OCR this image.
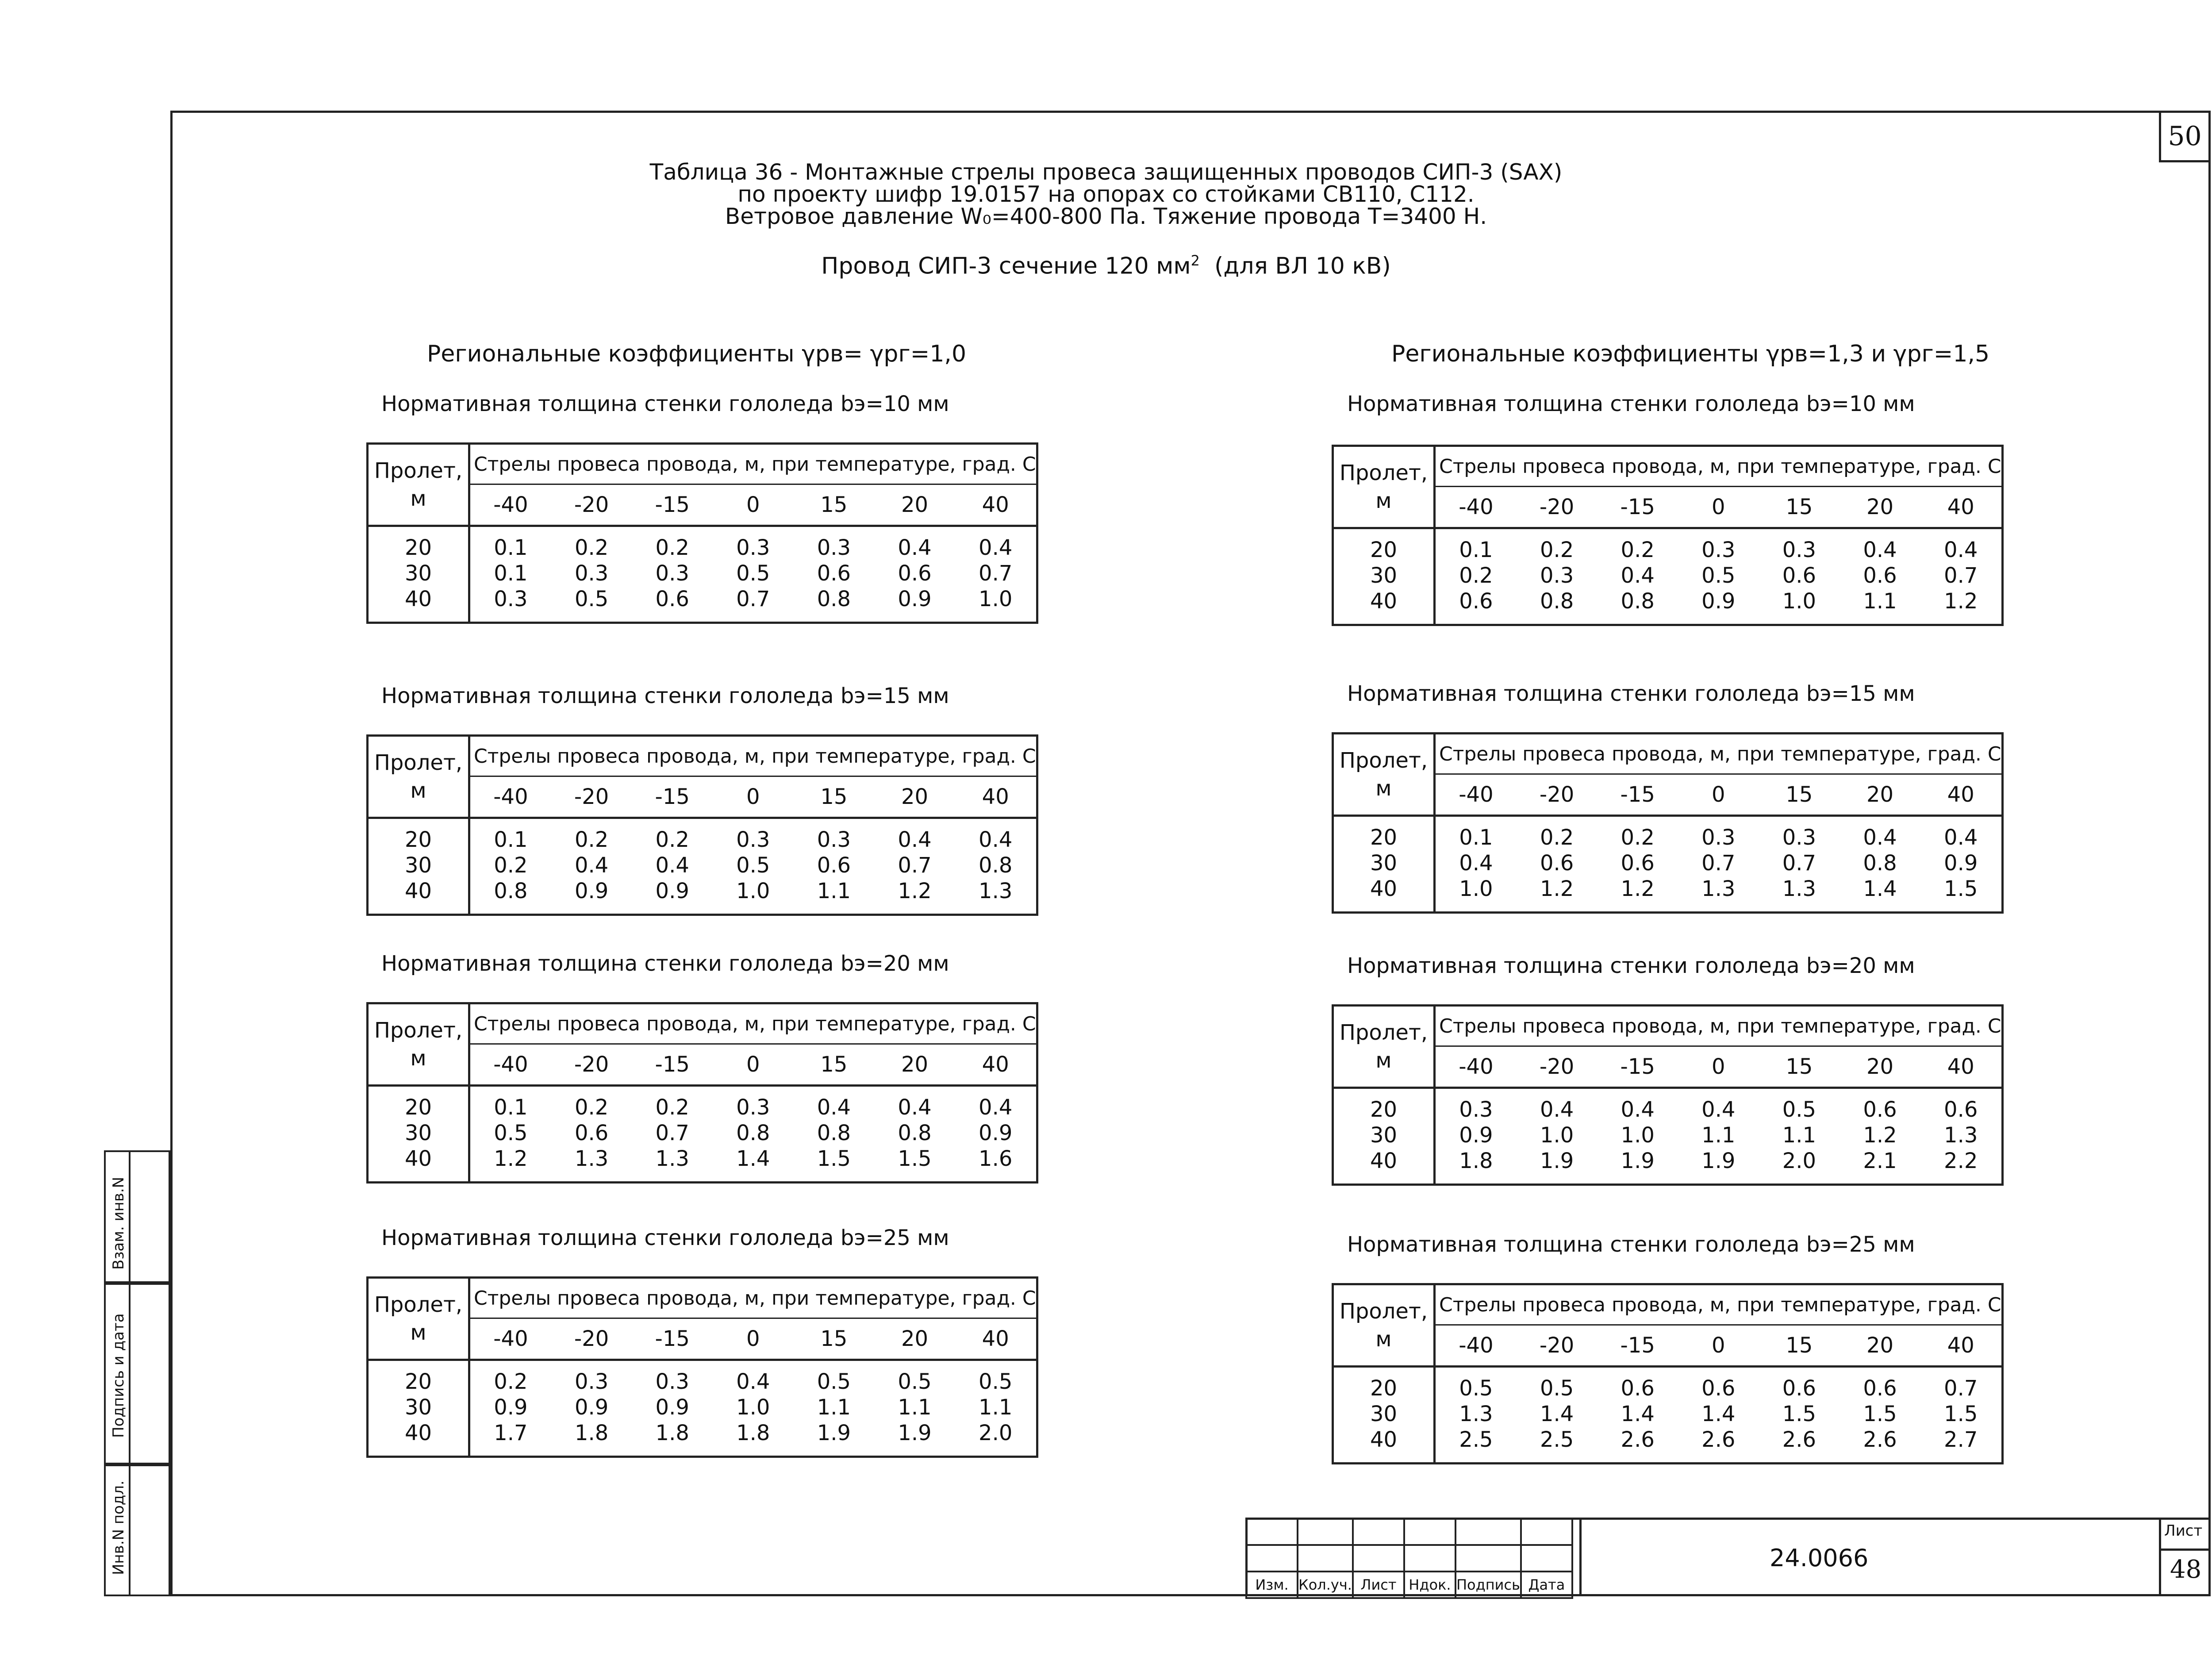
50
Таблица 36 - Монтажные стрелы провеса защищенных проводов СИП-3 (SAX)
по проекту шифр 19.0157 на опорах со стойками СВ110, С112.
Ветровое давление W₀=400-800 Па. Тяжение провода Т=3400 Н.
Провод СИП-3 сечение 120 $мм^2$  (для ВЛ 10 кВ)
Региональные коэффициенты γрв= γрг=1,0	Региональные коэффициенты γрв=1,3 и γрг=1,5
Нормативная толщина стенки гололеда bэ=10 мм
Пролет,
м	Стрелы провеса провода, м, при температуре, град. С						
	-40	-20	-15	0	15	20	40
20	0.1	0.2	0.2	0.3	0.3	0.4	0.4
30	0.1	0.3	0.3	0.5	0.6	0.6	0.7
40	0.3	0.5	0.6	0.7	0.8	0.9	1.0
Нормативная толщина стенки гололеда bэ=15 мм
Пролет,
м	Стрелы провеса провода, м, при температуре, град. С						
	-40	-20	-15	0	15	20	40
20	0.1	0.2	0.2	0.3	0.3	0.4	0.4
30	0.2	0.4	0.4	0.5	0.6	0.7	0.8
40	0.8	0.9	0.9	1.0	1.1	1.2	1.3
Нормативная толщина стенки гололеда bэ=20 мм
Пролет,
м	Стрелы провеса провода, м, при температуре, град. С						
	-40	-20	-15	0	15	20	40
20	0.1	0.2	0.2	0.3	0.4	0.4	0.4
30	0.5	0.6	0.7	0.8	0.8	0.8	0.9
40	1.2	1.3	1.3	1.4	1.5	1.5	1.6
Нормативная толщина стенки гололеда bэ=25 мм
Пролет,
м	Стрелы провеса провода, м, при температуре, град. С						
	-40	-20	-15	0	15	20	40
20	0.2	0.3	0.3	0.4	0.5	0.5	0.5
30	0.9	0.9	0.9	1.0	1.1	1.1	1.1
40	1.7	1.8	1.8	1.8	1.9	1.9	2.0
Нормативная толщина стенки гололеда bэ=10 мм
Пролет,
м	Стрелы провеса провода, м, при температуре, град. С						
	-40	-20	-15	0	15	20	40
20	0.1	0.2	0.2	0.3	0.3	0.4	0.4
30	0.2	0.3	0.4	0.5	0.6	0.6	0.7
40	0.6	0.8	0.8	0.9	1.0	1.1	1.2
Нормативная толщина стенки гололеда bэ=15 мм
Пролет,
м	Стрелы провеса провода, м, при температуре, град. С						
	-40	-20	-15	0	15	20	40
20	0.1	0.2	0.2	0.3	0.3	0.4	0.4
30	0.4	0.6	0.6	0.7	0.7	0.8	0.9
40	1.0	1.2	1.2	1.3	1.3	1.4	1.5
Нормативная толщина стенки гололеда bэ=20 мм
Пролет,
м	Стрелы провеса провода, м, при температуре, град. С						
	-40	-20	-15	0	15	20	40
20	0.3	0.4	0.4	0.4	0.5	0.6	0.6
30	0.9	1.0	1.0	1.1	1.1	1.2	1.3
40	1.8	1.9	1.9	1.9	2.0	2.1	2.2
Нормативная толщина стенки гололеда bэ=25 мм
Пролет,
м	Стрелы провеса провода, м, при температуре, град. С						
	-40	-20	-15	0	15	20	40
20	0.5	0.5	0.6	0.6	0.6	0.6	0.7
30	1.3	1.4	1.4	1.4	1.5	1.5	1.5
40	2.5	2.5	2.6	2.6	2.6	2.6	2.7
Взам. инв.N
Подпись и дата
Инв.N подл.

Изм.	Кол.уч.	Лист	Ндок.	Подпись	Дата
24.0066
Лист
48
